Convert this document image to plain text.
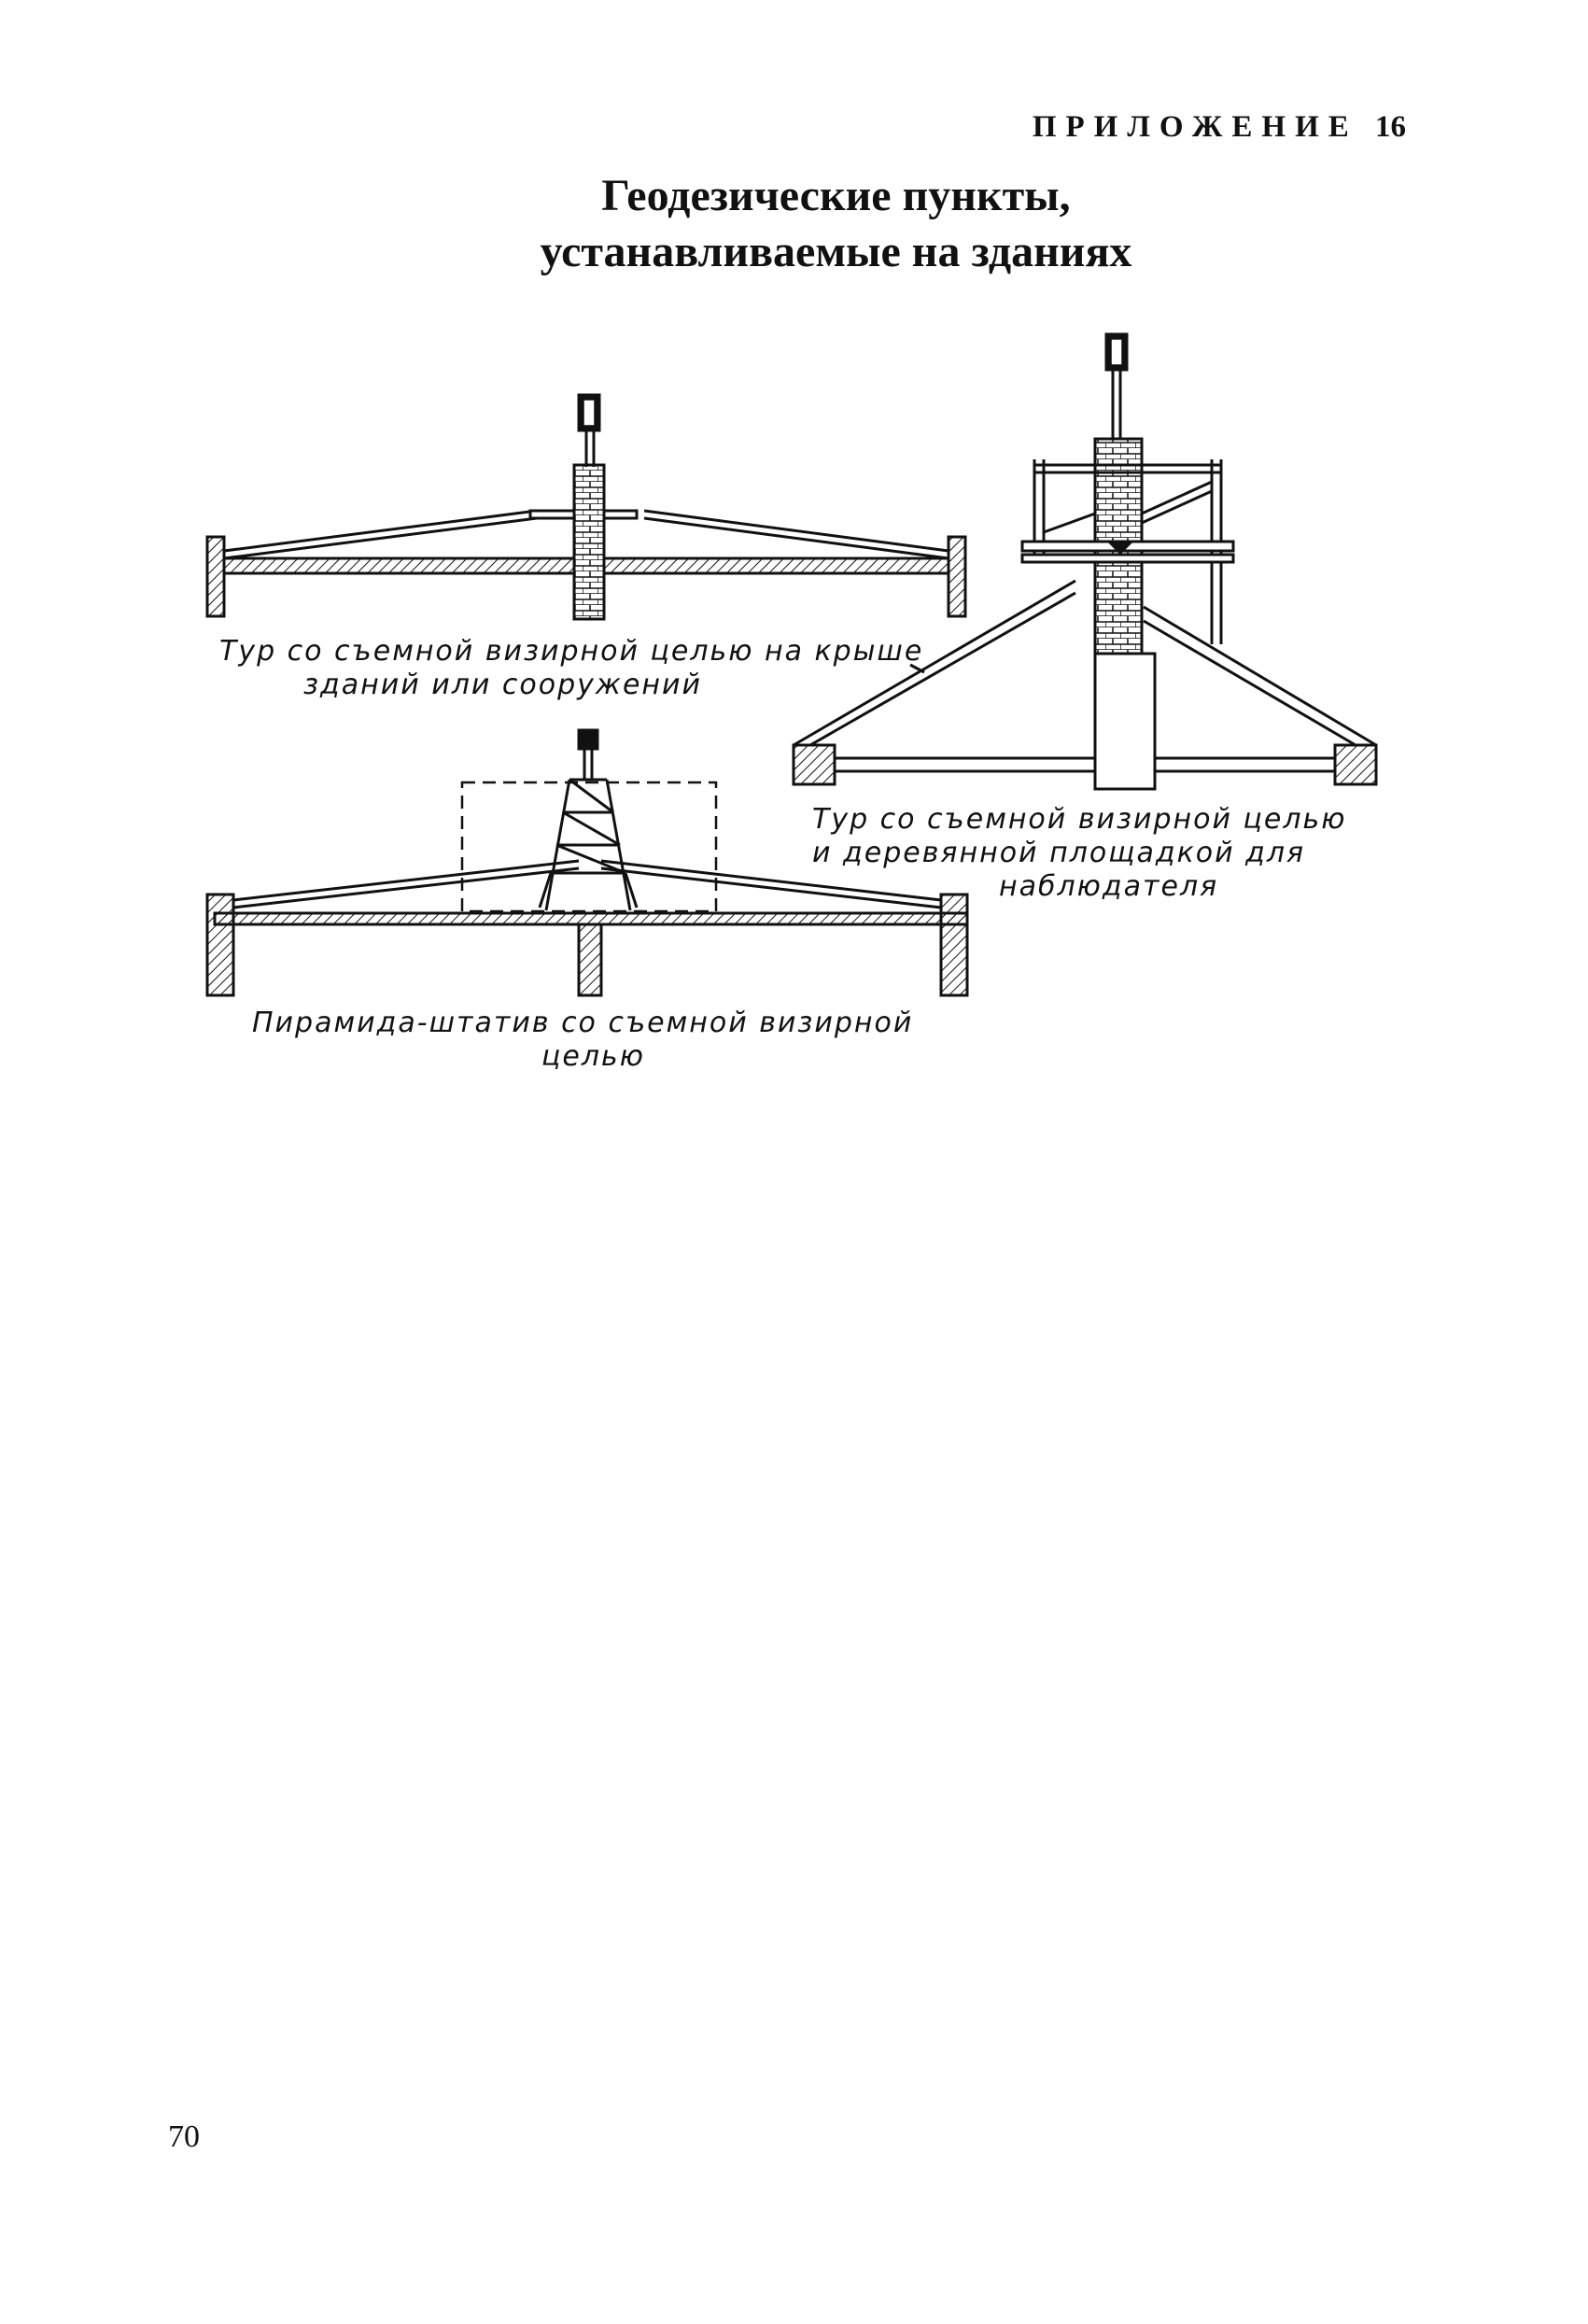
ПРИЛОЖЕНИЕ 16
Геодезические пункты,
устанавливаемые на зданиях
Тур со съемной визирной целью на крыше
зданий или сооружений
Тур со съемной визирной целью
и деревянной площадкой для
наблюдателя
Пирамида-штатив со съемной визирной
целью
70
